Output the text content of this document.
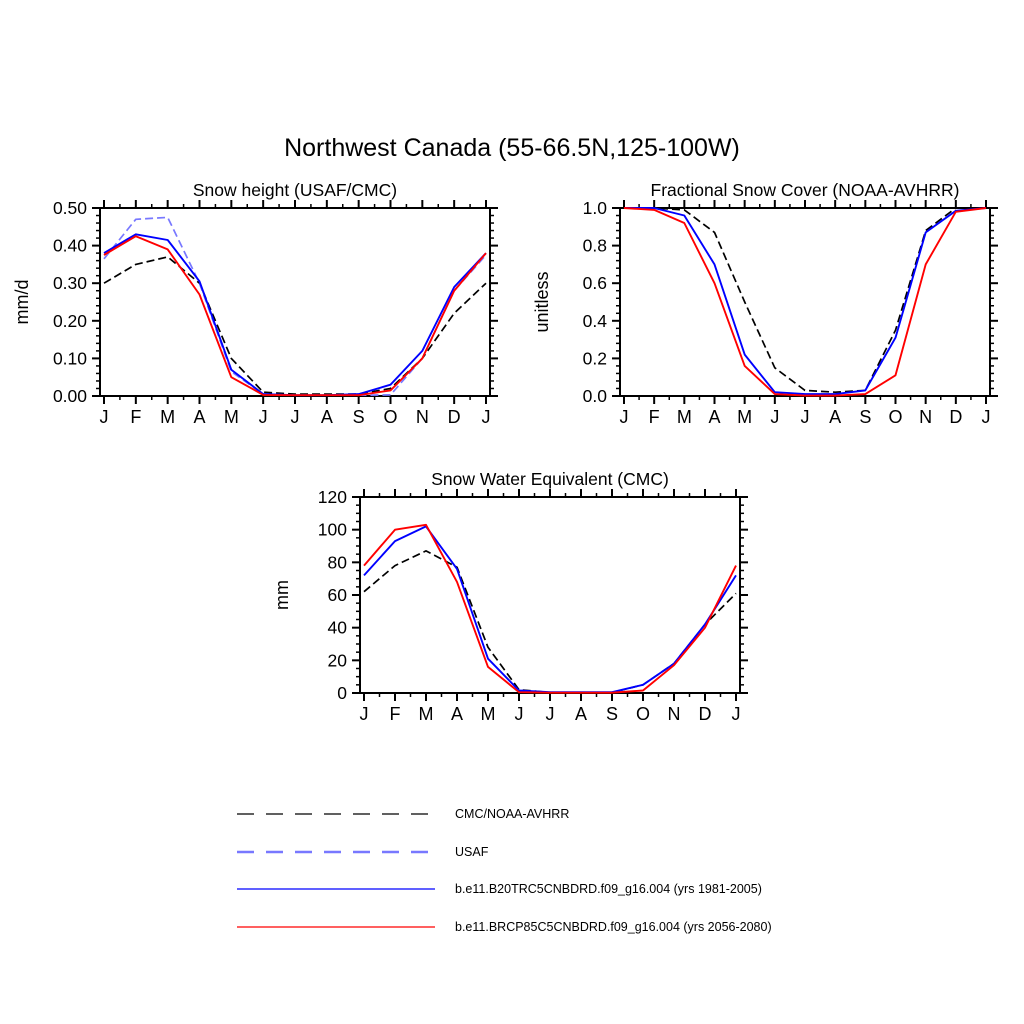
Northwest Canada (55-66.5N,125-100W)
J F M A M J J A S O N D J
Snow height (USAF/CMC)
mm/d
0.00
0.10
0.20
0.30
0.40
0.50
J F M A M J J A S O N D J
Fractional Snow Cover (NOAA-AVHRR)
unitless
0.0
0.2
0.4
0.6
0.8
1.0
J F M A M J J A S O N D J
Snow Water Equivalent (CMC)
mm
0
20
40
60
80
100
120
CMC/NOAA-AVHRR
USAF
b.e11.B20TRC5CNBDRD.f09_g16.004 (yrs 1981-2005)
b.e11.BRCP85C5CNBDRD.f09_g16.004 (yrs 2056-2080)
